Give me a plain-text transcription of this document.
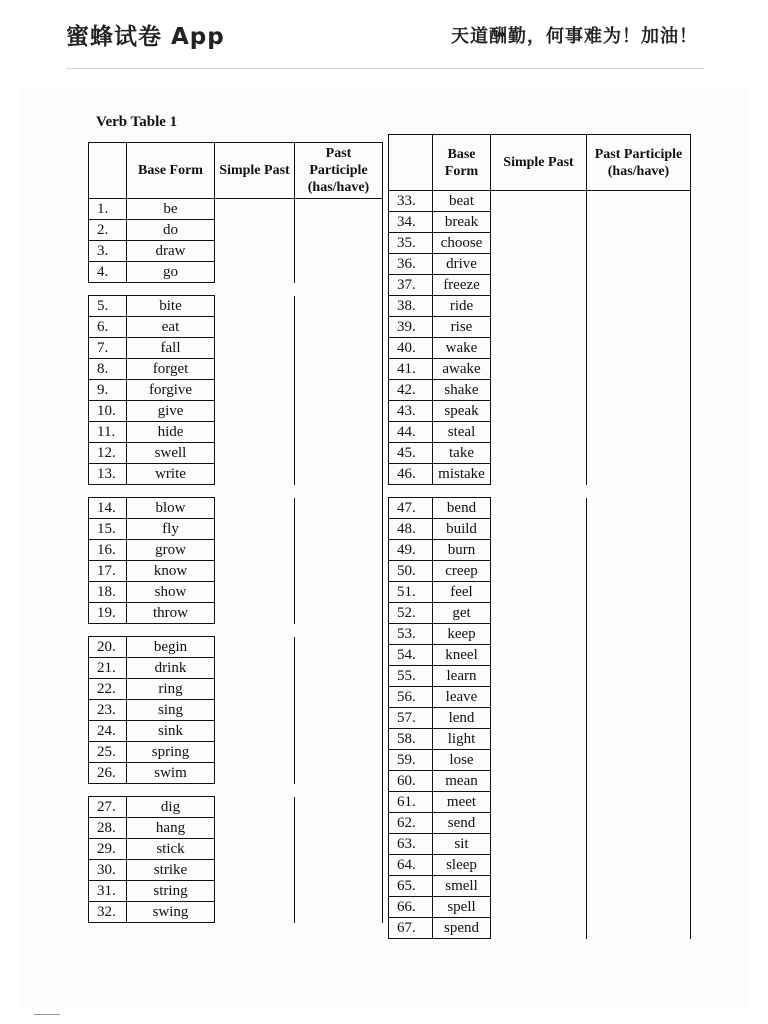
蜜蜂试卷 App	天道酬勤，何事难为！加油！
Verb Table 1
	Base Form	Simple Past	Past Participle (has/have)
1.	be		
2.	do		
3.	draw		
4.	go		

5.	bite		
6.	eat		
7.	fall		
8.	forget		
9.	forgive		
10.	give		
11.	hide		
12.	swell		
13.	write		

14.	blow		
15.	fly		
16.	grow		
17.	know		
18.	show		
19.	throw		

20.	begin		
21.	drink		
22.	ring		
23.	sing		
24.	sink		
25.	spring		
26.	swim		

27.	dig		
28.	hang		
29.	stick		
30.	strike		
31.	string		
32.	swing		
	Base Form	Simple Past	Past Participle (has/have)
33.	beat		
34.	break		
35.	choose		
36.	drive		
37.	freeze		
38.	ride		
39.	rise		
40.	wake		
41.	awake		
42.	shake		
43.	speak		
44.	steal		
45.	take		
46.	mistake		

47.	bend		
48.	build		
49.	burn		
50.	creep		
51.	feel		
52.	get		
53.	keep		
54.	kneel		
55.	learn		
56.	leave		
57.	lend		
58.	light		
59.	lose		
60.	mean		
61.	meet		
62.	send		
63.	sit		
64.	sleep		
65.	smell		
66.	spell		
67.	spend		
